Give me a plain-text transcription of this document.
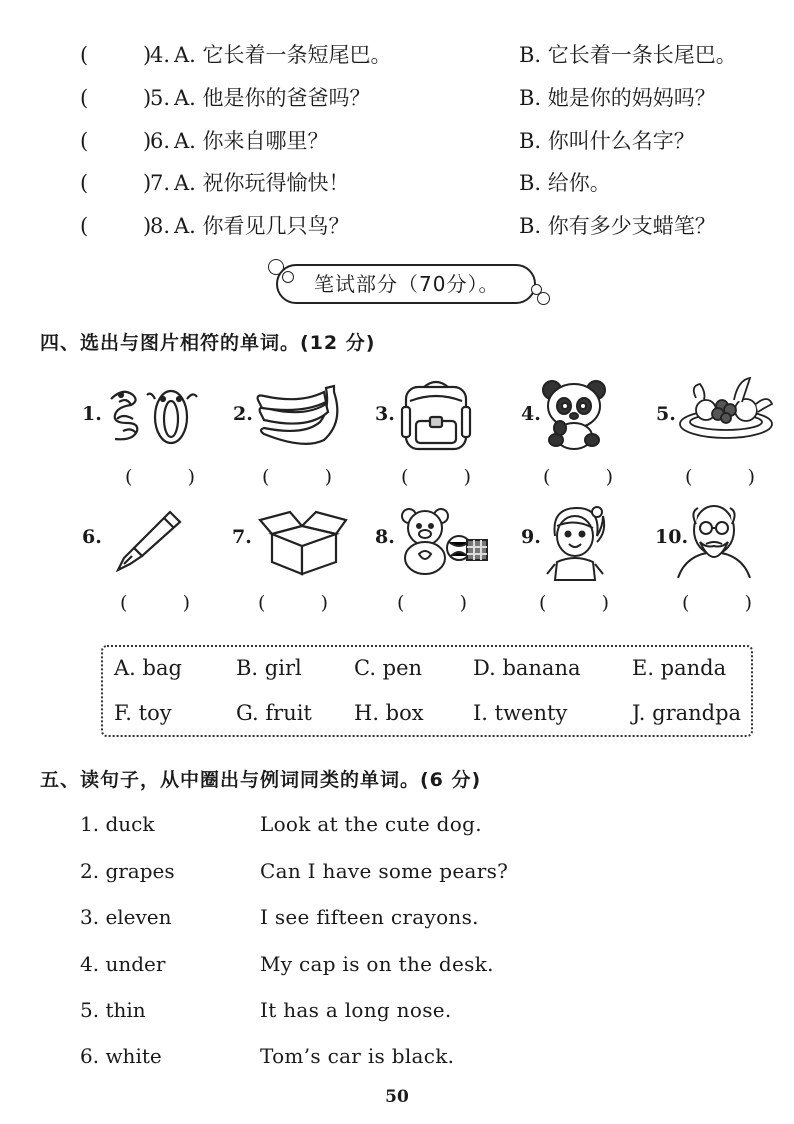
(	)
4. A. 它长着一条短尾巴。	B. 它长着一条长尾巴。
(	)
5. A. 他是你的爸爸吗？	B. 她是你的妈妈吗？
(	)
6. A. 你来自哪里？	B. 你叫什么名字？
(	)
7. A. 祝你玩得愉快！	B. 给你。
(	)
8. A. 你看见几只鸟？	B. 你有多少支蜡笔？
笔试部分（70分）。
四、选出与图片相符的单词。(12 分)
1.	2.	3.	4.	5.
(	)	(	)	(	)	(	)	(	)
6.	7.	8.	9.	10.
(	)	(	)	(	)	(	)	(	)
A. bag	B. girl C. pen D. banana E. panda
F. toy	G. fruit H. box I. twenty	J. grandpa
五、读句子，从中圈出与例词同类的单词。(6 分)
1. duck	Look at the cute dog.
2. grapes	Can I have some pears?
3. eleven	I see fifteen crayons.
4. under	My cap is on the desk.
5. thin	It has a long nose.
6. white	Tom’s car is black.
50
